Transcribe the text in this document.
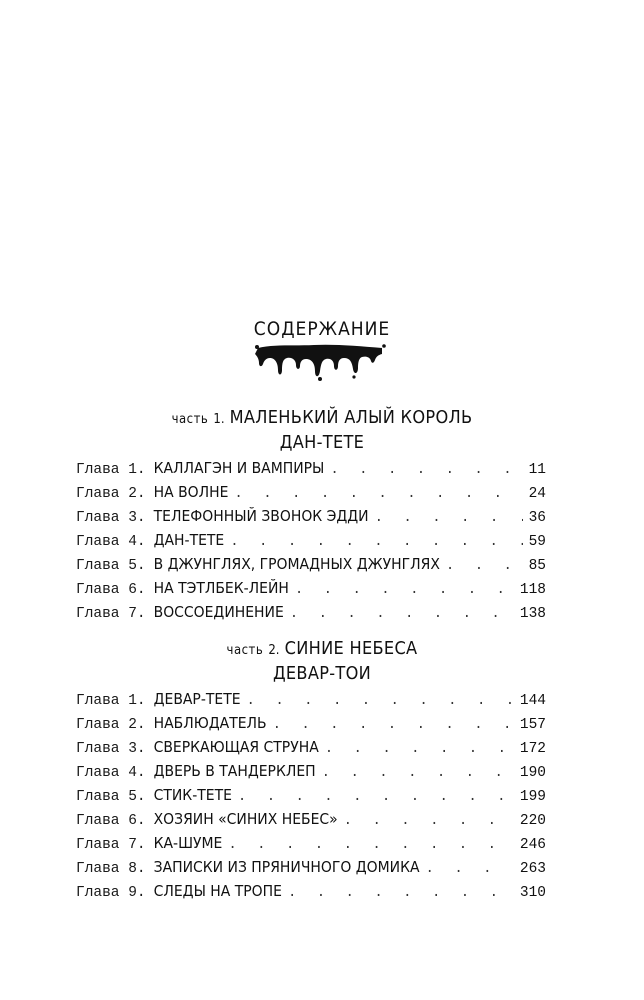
СОДЕРЖАНИЕ
часть 1. МАЛЕНЬКИЙ АЛЫЙ КОРОЛЬ
ДАН-ТЕТЕ
Глава 1. КАЛЛАГЭН И ВАМПИРЫ . . .	11
Глава 2. НА ВОЛНЕ . . .	24
Глава 3. ТЕЛЕФОННЫЙ ЗВОНОК ЭДДИ . . .	36
Глава 4. ДАН-ТЕТЕ . . .	59
Глава 5. В ДЖУНГЛЯХ, ГРОМАДНЫХ ДЖУНГЛЯХ . . .	85
Глава 6. НА ТЭТЛБЕК-ЛЕЙН . . .	118
Глава 7. ВОССОЕДИНЕНИЕ . . .	138
часть 2. СИНИЕ НЕБЕСА
ДЕВАР-ТОИ
Глава 1. ДЕВАР-ТЕТЕ . . .	144
Глава 2. НАБЛЮДАТЕЛЬ . . .	157
Глава 3. СВЕРКАЮЩАЯ СТРУНА . . .	172
Глава 4. ДВЕРЬ В ТАНДЕРКЛЕП . . .	190
Глава 5. СТИК-ТЕТЕ . . .	199
Глава 6. ХОЗЯИН «СИНИХ НЕБЕС» . . .	220
Глава 7. КА-ШУМЕ . . .	246
Глава 8. ЗАПИСКИ ИЗ ПРЯНИЧНОГО ДОМИКА . . .	263
Глава 9. СЛЕДЫ НА ТРОПЕ . . .	310
